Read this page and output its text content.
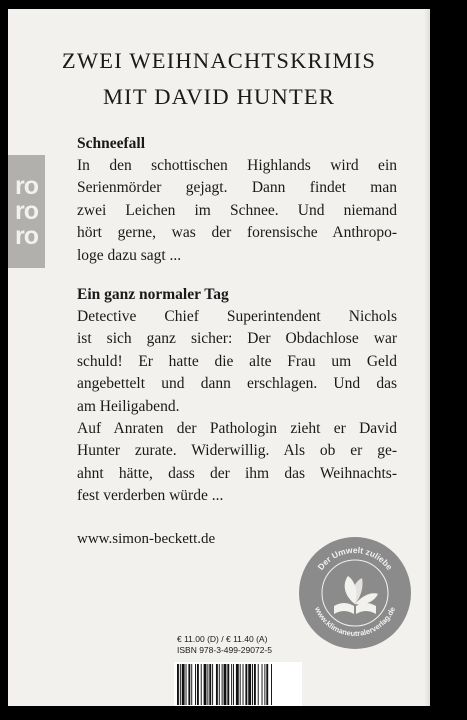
ZWEI WEIHNACHTSKRIMIS
MIT DAVID HUNTER
ro
ro
ro
Schneefall
In den schottischen Highlands wird ein
Serienmörder gejagt. Dann findet man
zwei Leichen im Schnee. Und niemand
hört gerne, was der forensische Anthropo-
loge dazu sagt ...
Ein ganz normaler Tag
Detective Chief Superintendent Nichols
ist sich ganz sicher: Der Obdachlose war
schuld! Er hatte die alte Frau um Geld
angebettelt und dann erschlagen. Und das
am Heiligabend.
Auf Anraten der Pathologin zieht er David
Hunter zurate. Widerwillig. Als ob er ge-
ahnt hätte, dass der ihm das Weihnachts-
fest verderben würde ...
www.simon-beckett.de
Der Umwelt zuliebe
www.klimaneutralerverlag.de
€ 11.00 (D) / € 11.40 (A)
ISBN 978-3-499-29072-5
